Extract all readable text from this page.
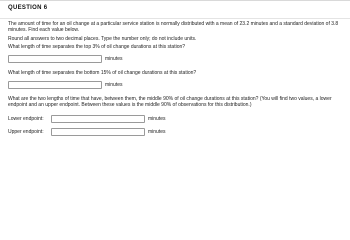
QUESTION 6
The amount of time for an oil change at a particular service station is normally distributed with a mean of 23.2 minutes and a standard deviation of 3.8 minutes. Find each value below.
Round all answers to two decimal places. Type the number only; do not include units.
What length of time separates the top 3% of oil change durations at this station?
minutes
What length of time separates the bottom 15% of oil change durations at this station?
minutes
What are the two lengths of time that have, between them, the middle 90% of oil change durations at this station? (You will find two values, a lower endpoint and an upper endpoint. Between these values is the middle 90% of observations for this distribution.)
Lower endpoint:	minutes
Upper endpoint:	minutes
